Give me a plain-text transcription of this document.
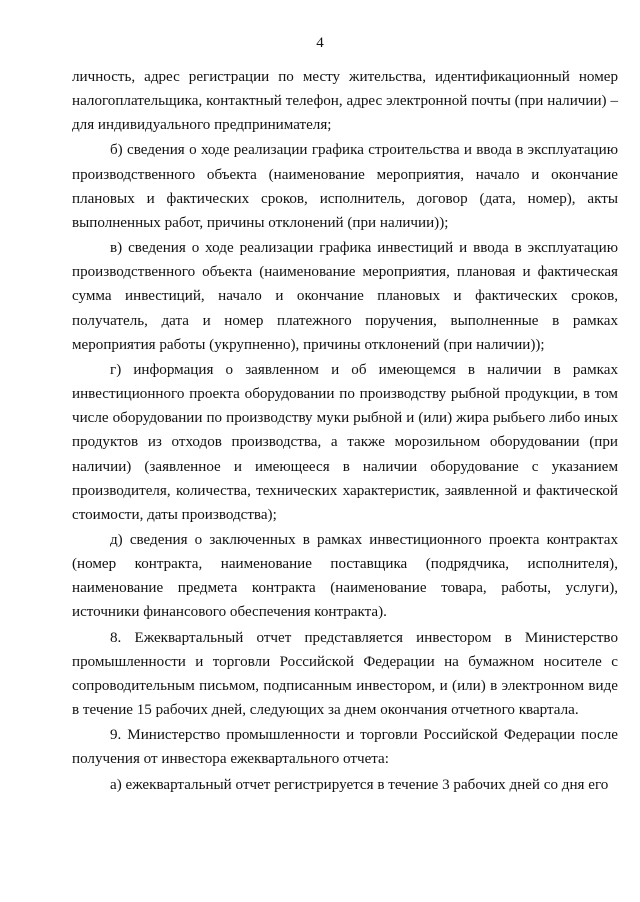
4

личность, адрес регистрации по месту жительства, идентификационный номер налогоплательщика, контактный телефон, адрес электронной почты (при наличии) – для индивидуального предпринимателя;

б) сведения о ходе реализации графика строительства и ввода в эксплуатацию производственного объекта (наименование мероприятия, начало и окончание плановых и фактических сроков, исполнитель, договор (дата, номер), акты выполненных работ, причины отклонений (при наличии));

в) сведения о ходе реализации графика инвестиций и ввода в эксплуатацию производственного объекта (наименование мероприятия, плановая и фактическая сумма инвестиций, начало и окончание плановых и фактических сроков, получатель, дата и номер платежного поручения, выполненные в рамках мероприятия работы (укрупненно), причины отклонений (при наличии));

г) информация о заявленном и об имеющемся в наличии в рамках инвестиционного проекта оборудовании по производству рыбной продукции, в том числе оборудовании по производству муки рыбной и (или) жира рыбьего либо иных продуктов из отходов производства, а также морозильном оборудовании (при наличии) (заявленное и имеющееся в наличии оборудование с указанием производителя, количества, технических характеристик, заявленной и фактической стоимости, даты производства);

д) сведения о заключенных в рамках инвестиционного проекта контрактах (номер контракта, наименование поставщика (подрядчика, исполнителя), наименование предмета контракта (наименование товара, работы, услуги), источники финансового обеспечения контракта).

8. Ежеквартальный отчет представляется инвестором в Министерство промышленности и торговли Российской Федерации на бумажном носителе с сопроводительным письмом, подписанным инвестором, и (или) в электронном виде в течение 15 рабочих дней, следующих за днем окончания отчетного квартала.

9. Министерство промышленности и торговли Российской Федерации после получения от инвестора ежеквартального отчета:

а) ежеквартальный отчет регистрируется в течение 3 рабочих дней со дня его
